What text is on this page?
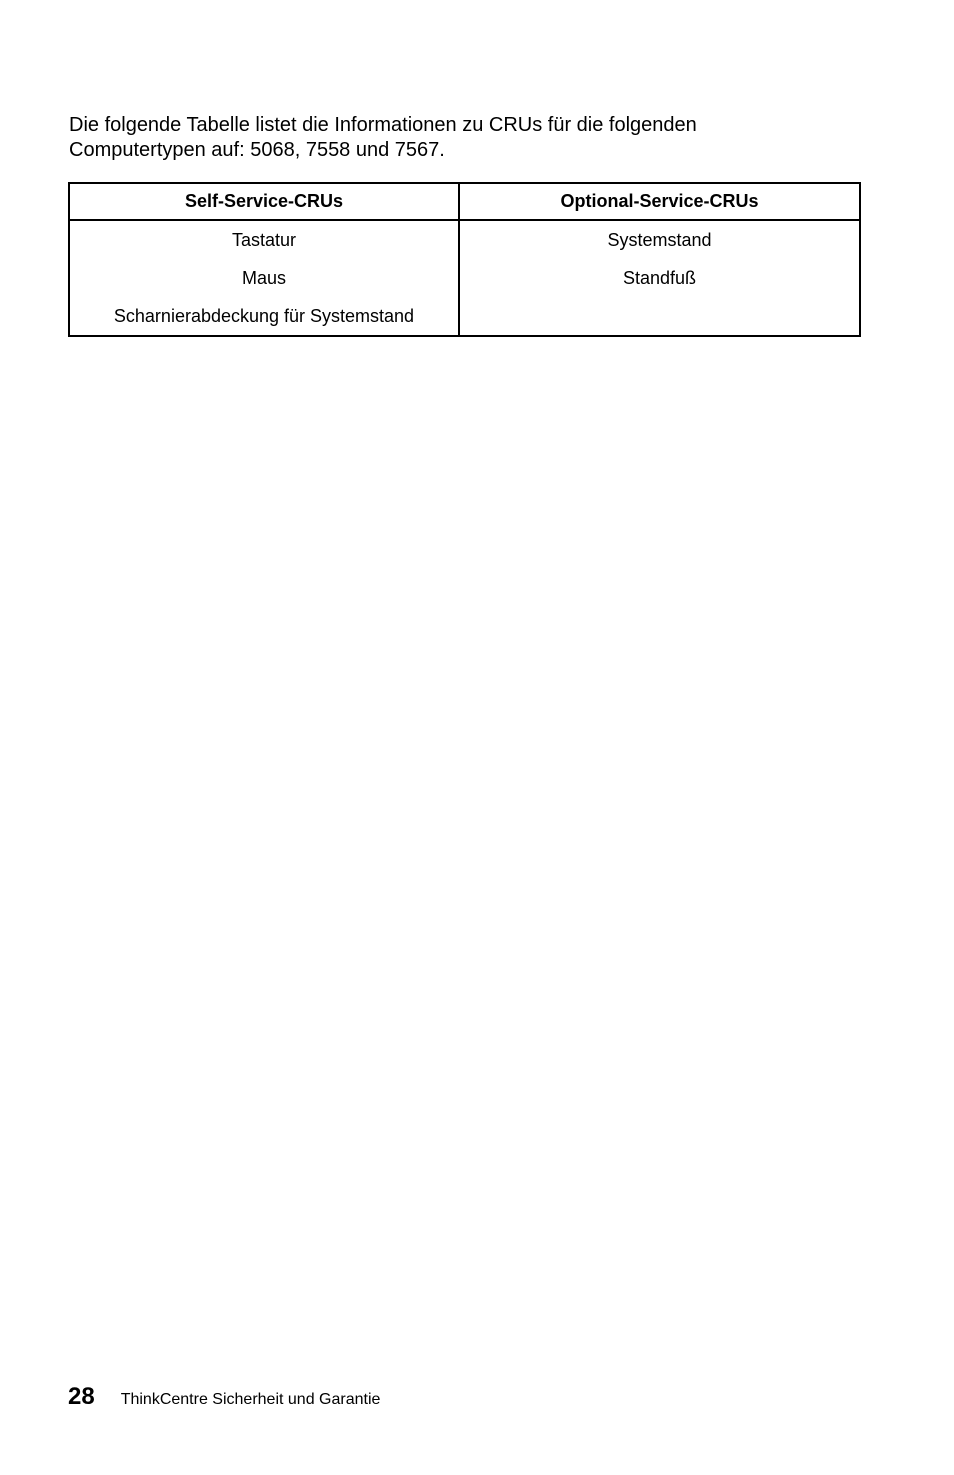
Die folgende Tabelle listet die Informationen zu CRUs für die folgenden
Computertypen auf: 5068, 7558 und 7567.

Self-Service-CRUs	Optional-Service-CRUs
Tastatur	Systemstand
Maus	Standfuß
Scharnierabdeckung für Systemstand	
28 ThinkCentre Sicherheit und Garantie
